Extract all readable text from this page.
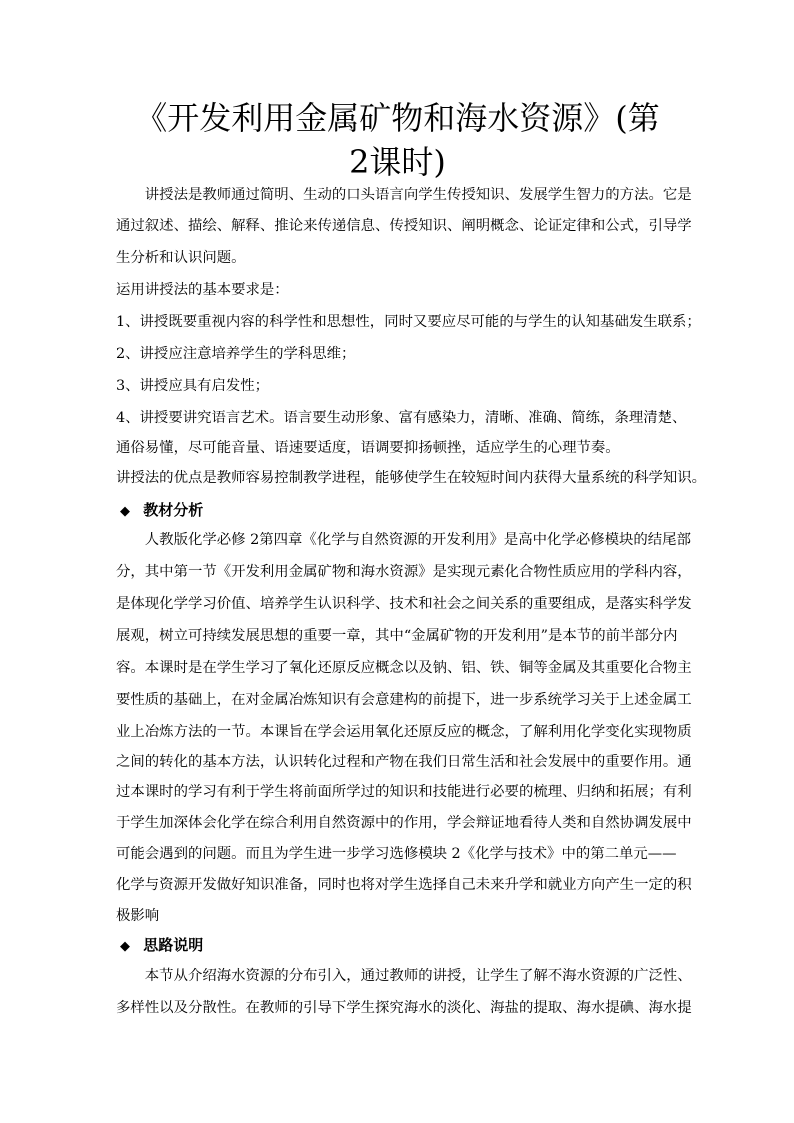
《开发利用金属矿物和海水资源》(第
2课时)

　　讲授法是教师通过简明、生动的口头语言向学生传授知识、发展学生智力的方法。它是

通过叙述、描绘、解释、推论来传递信息、传授知识、阐明概念、论证定律和公式，引导学

生分析和认识问题。

运用讲授法的基本要求是：

1、讲授既要重视内容的科学性和思想性，同时又要应尽可能的与学生的认知基础发生联系；

2、讲授应注意培养学生的学科思维；

3、讲授应具有启发性；

4、讲授要讲究语言艺术。语言要生动形象、富有感染力，清晰、准确、简练，条理清楚、

通俗易懂，尽可能音量、语速要适度，语调要抑扬顿挫，适应学生的心理节奏。

讲授法的优点是教师容易控制教学进程，能够使学生在较短时间内获得大量系统的科学知识。

◆ 教材分析

　　人教版化学必修 2第四章《化学与自然资源的开发利用》是高中化学必修模块的结尾部

分，其中第一节《开发利用金属矿物和海水资源》是实现元素化合物性质应用的学科内容，

是体现化学学习价值、培养学生认识科学、技术和社会之间关系的重要组成，是落实科学发

展观，树立可持续发展思想的重要一章，其中“金属矿物的开发利用”是本节的前半部分内

容。本课时是在学生学习了氧化还原反应概念以及钠、铝、铁、铜等金属及其重要化合物主

要性质的基础上，在对金属冶炼知识有会意建构的前提下，进一步系统学习关于上述金属工

业上冶炼方法的一节。本课旨在学会运用氧化还原反应的概念，了解利用化学变化实现物质

之间的转化的基本方法，认识转化过程和产物在我们日常生活和社会发展中的重要作用。通

过本课时的学习有利于学生将前面所学过的知识和技能进行必要的梳理、归纳和拓展；有利

于学生加深体会化学在综合利用自然资源中的作用，学会辩证地看待人类和自然协调发展中

可能会遇到的问题。而且为学生进一步学习选修模块 2《化学与技术》中的第二单元——

化学与资源开发做好知识准备，同时也将对学生选择自己未来升学和就业方向产生一定的积

极影响

◆ 思路说明

　　本节从介绍海水资源的分布引入，通过教师的讲授，让学生了解不海水资源的广泛性、

多样性以及分散性。在教师的引导下学生探究海水的淡化、海盐的提取、海水提碘、海水提
